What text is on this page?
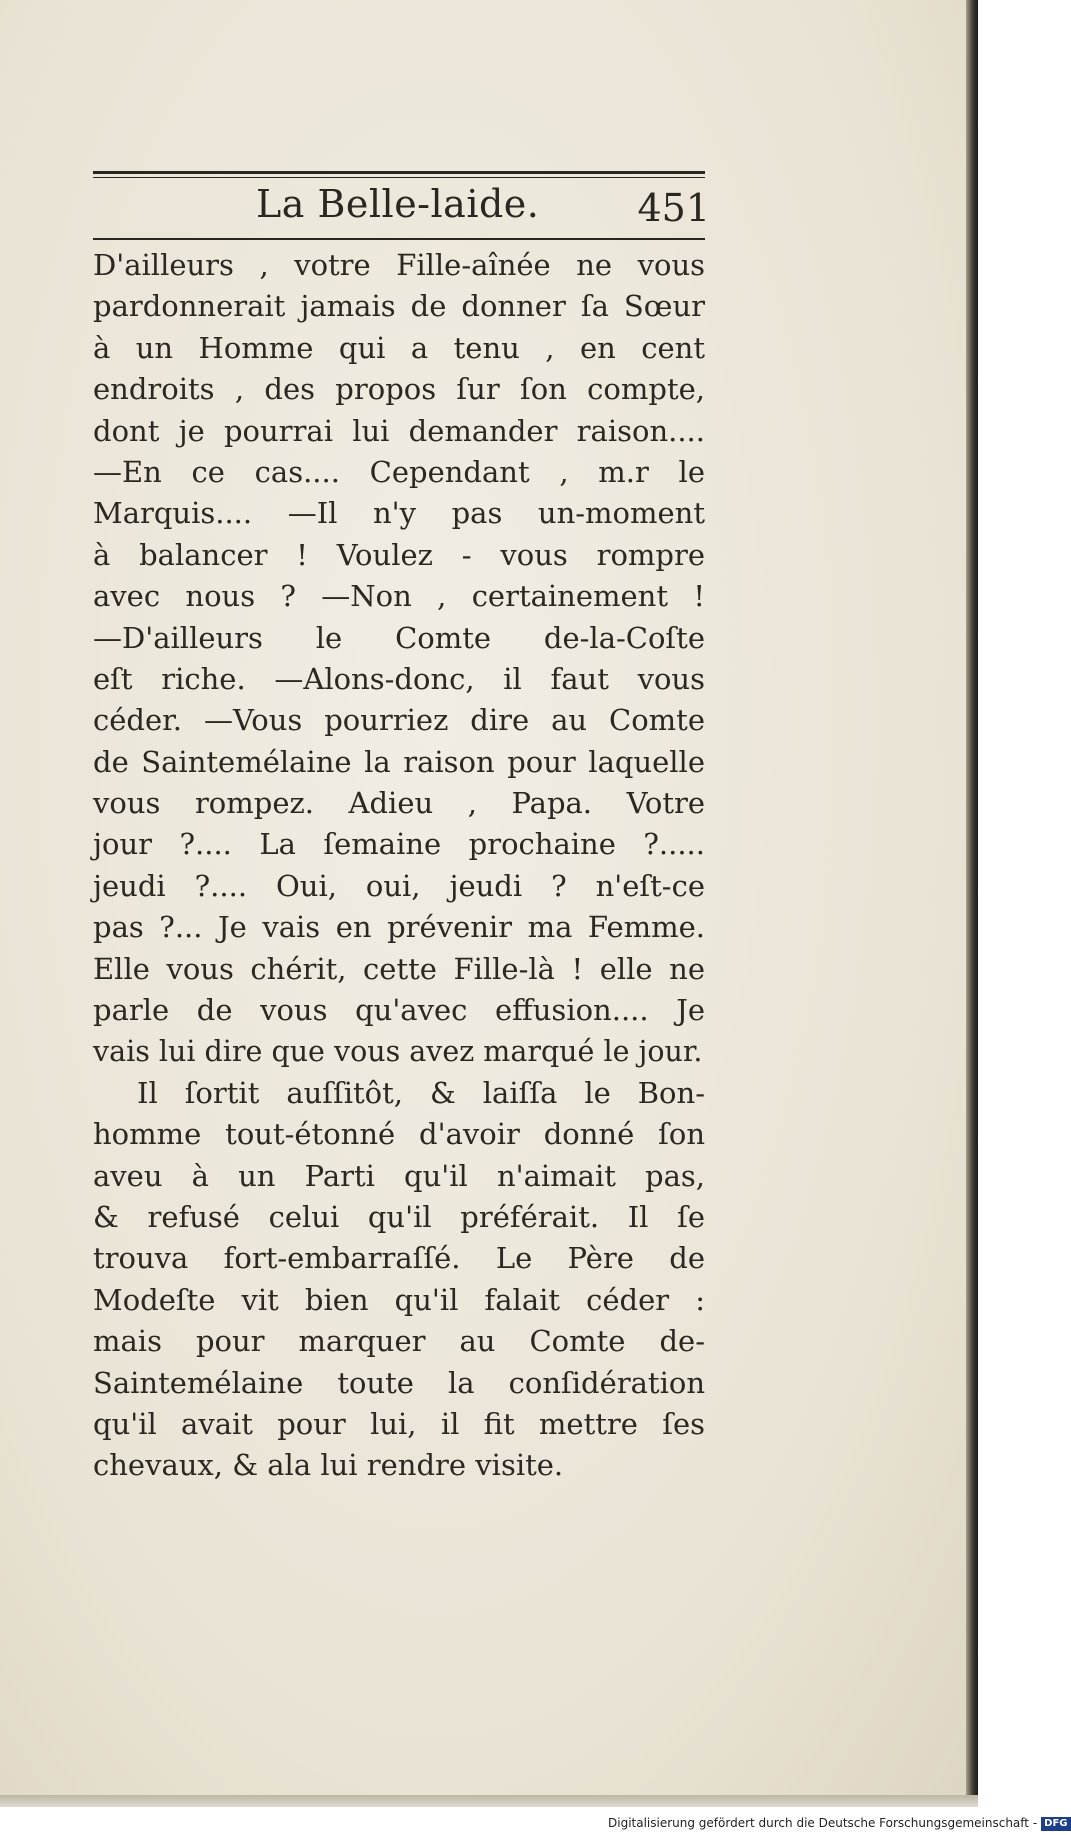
La Belle-laide.	451
D'ailleurs , votre Fille-aînée ne vous
pardonnerait jamais de donner ſa Sœur
à un Homme qui a tenu , en cent
endroits , des propos ſur ſon compte,
dont je pourrai lui demander raison....
—En ce cas.... Cependant , m.r le
Marquis.... —Il n'y pas un-moment
à balancer ! Voulez - vous rompre
avec nous ? —Non , certainement !
—D'ailleurs le Comte de-la-Coſte
eſt riche. —Alons-donc, il faut vous
céder. —Vous pourriez dire au Comte
de Saintemélaine la raison pour laquelle
vous rompez. Adieu , Papa. Votre
jour ?.... La ſemaine prochaine ?.....
jeudi ?.... Oui, oui, jeudi ? n'eſt-ce
pas ?... Je vais en prévenir ma Femme.
Elle vous chérit, cette Fille-là ! elle ne
parle de vous qu'avec effusion.... Je
vais lui dire que vous avez marqué le jour.
Il ſortit auſſitôt, & laiſſa le Bon-
homme tout-étonné d'avoir donné ſon
aveu à un Parti qu'il n'aimait pas,
& refusé celui qu'il préférait. Il ſe
trouva fort-embarraſſé. Le Père de
Modeſte vit bien qu'il falait céder :
mais pour marquer au Comte de-
Saintemélaine toute la conſidération
qu'il avait pour lui, il fit mettre ſes
chevaux, & ala lui rendre visite.
Digitalisierung gefördert durch die Deutsche Forschungsgemeinschaft - DFG
